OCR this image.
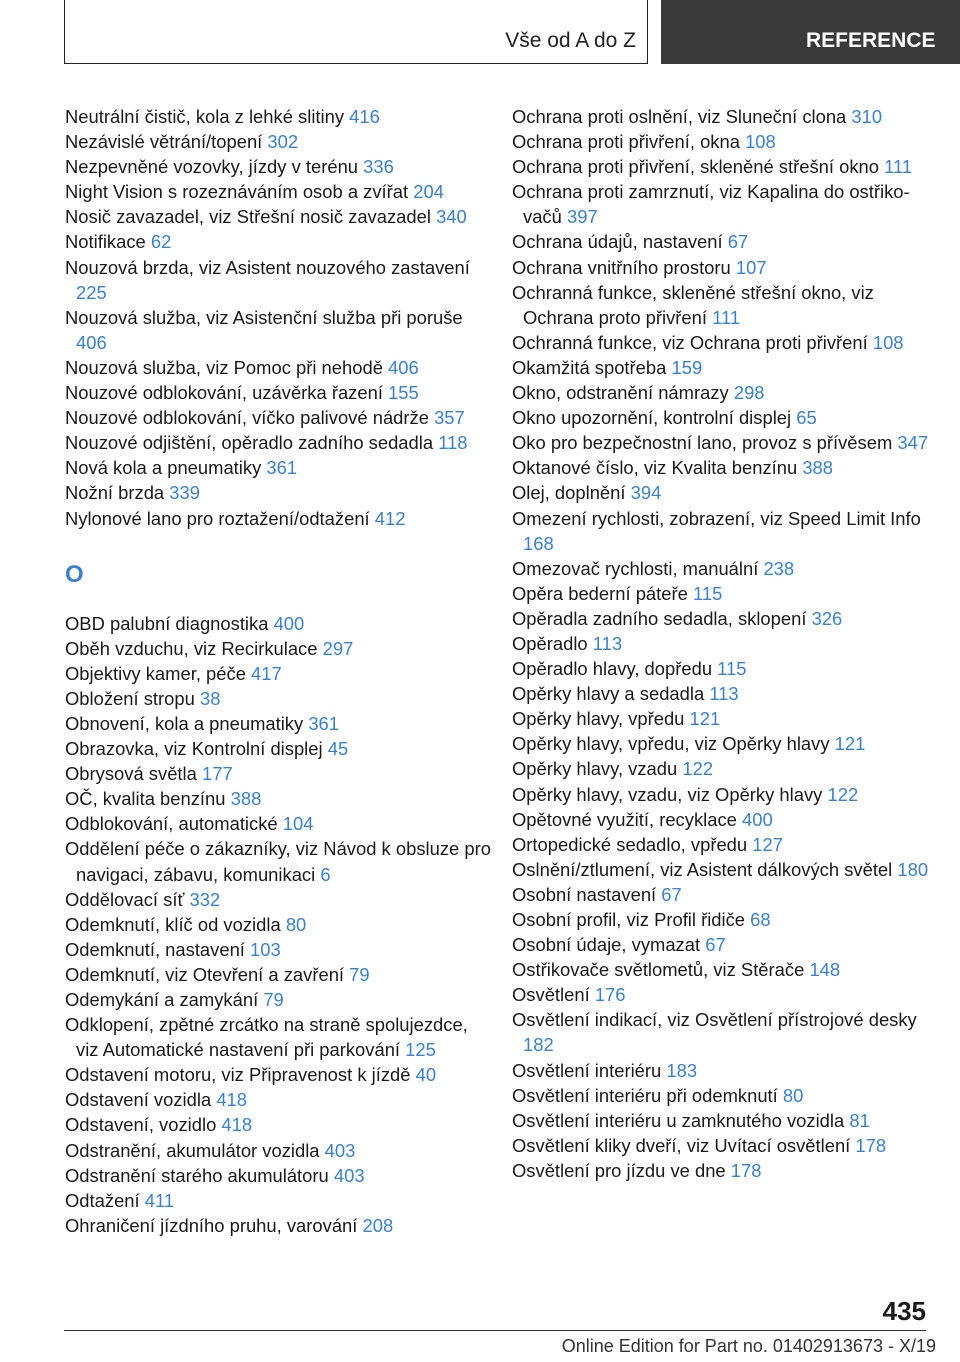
Vše od A do Z	REFERENCE
Neutrální čistič, kola z lehké slitiny 416
Nezávislé větrání/topení 302
Nezpevněné vozovky, jízdy v terénu 336
Night Vision s rozeznáváním osob a zvířat 204
Nosič zavazadel, viz Střešní nosič zavazadel 340
Notifikace 62
Nouzová brzda, viz Asistent nouzového zastavení 225
Nouzová služba, viz Asistenční služba při poruše 406
Nouzová služba, viz Pomoc při nehodě 406
Nouzové odblokování, uzávěrka řazení 155
Nouzové odblokování, víčko palivové nádrže 357
Nouzové odjištění, opěradlo zadního sedadla 118
Nová kola a pneumatiky 361
Nožní brzda 339
Nylonové lano pro roztažení/odtažení 412
O
OBD palubní diagnostika 400
Oběh vzduchu, viz Recirkulace 297
Objektivy kamer, péče 417
Obložení stropu 38
Obnovení, kola a pneumatiky 361
Obrazovka, viz Kontrolní displej 45
Obrysová světla 177
OČ, kvalita benzínu 388
Odblokování, automatické 104
Oddělení péče o zákazníky, viz Návod k obsluze pro navigaci, zábavu, komunikaci 6
Oddělovací síť 332
Odemknutí, klíč od vozidla 80
Odemknutí, nastavení 103
Odemknutí, viz Otevření a zavření 79
Odemykání a zamykání 79
Odklopení, zpětné zrcátko na straně spolujezdce, viz Automatické nastavení při parkování 125
Odstavení motoru, viz Připravenost k jízdě 40
Odstavení vozidla 418
Odstavení, vozidlo 418
Odstranění, akumulátor vozidla 403
Odstranění starého akumulátoru 403
Odtažení 411
Ohraničení jízdního pruhu, varování 208
Ochrana proti oslnění, viz Sluneční clona 310
Ochrana proti přivření, okna 108
Ochrana proti přivření, skleněné střešní okno 111
Ochrana proti zamrznutí, viz Kapalina do ostřikovačů 397
Ochrana údajů, nastavení 67
Ochrana vnitřního prostoru 107
Ochranná funkce, skleněné střešní okno, viz Ochrana proto přivření 111
Ochranná funkce, viz Ochrana proti přivření 108
Okamžitá spotřeba 159
Okno, odstranění námrazy 298
Okno upozornění, kontrolní displej 65
Oko pro bezpečnostní lano, provoz s přívěsem 347
Oktanové číslo, viz Kvalita benzínu 388
Olej, doplnění 394
Omezení rychlosti, zobrazení, viz Speed Limit Info 168
Omezovač rychlosti, manuální 238
Opěra bederní páteře 115
Opěradla zadního sedadla, sklopení 326
Opěradlo 113
Opěradlo hlavy, dopředu 115
Opěrky hlavy a sedadla 113
Opěrky hlavy, vpředu 121
Opěrky hlavy, vpředu, viz Opěrky hlavy 121
Opěrky hlavy, vzadu 122
Opěrky hlavy, vzadu, viz Opěrky hlavy 122
Opětovné využití, recyklace 400
Ortopedické sedadlo, vpředu 127
Oslnění/ztlumení, viz Asistent dálkových světel 180
Osobní nastavení 67
Osobní profil, viz Profil řidiče 68
Osobní údaje, vymazat 67
Ostřikovače světlometů, viz Stěrače 148
Osvětlení 176
Osvětlení indikací, viz Osvětlení přístrojové desky 182
Osvětlení interiéru 183
Osvětlení interiéru při odemknutí 80
Osvětlení interiéru u zamknutého vozidla 81
Osvětlení kliky dveří, viz Uvítací osvětlení 178
Osvětlení pro jízdu ve dne 178
435
Online Edition for Part no. 01402913673 - X/19
